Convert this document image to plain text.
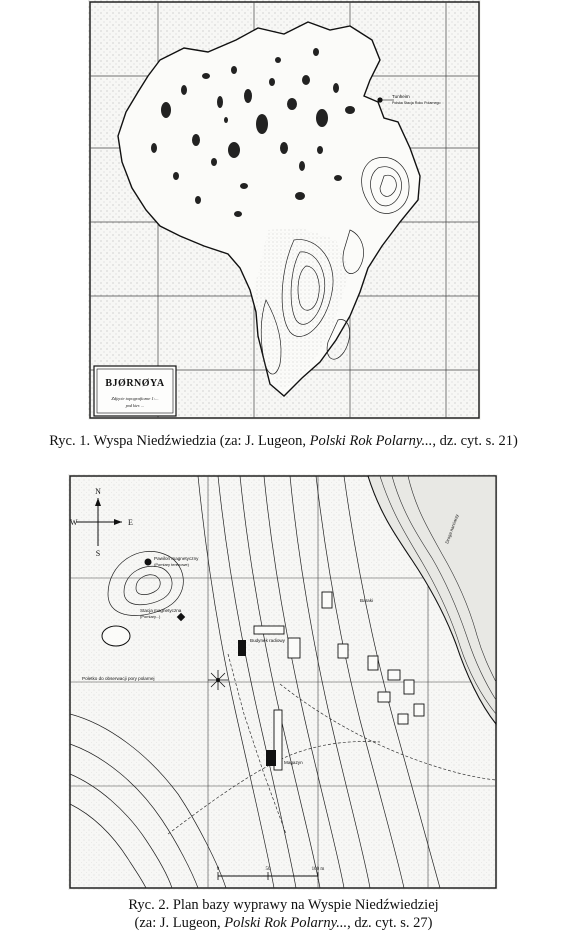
Tunheim
Polska Stacja Roku Polarnego
BJØRNØYA
Zdjęcie topograficzne 1:...
pod kier. ...
Ryc. 1. Wyspa Niedźwiedzia (za: J. Lugeon, Polski Rok Polarny..., dz. cyt. s. 21)
N
S
E
W
Pawilon magnetyczny
(Pomiary terenowe)
Stacja magnetyczna
(Pomiary...)
Budynek radiowy
Poletko do obserwacji pory polarnej
Baraki
Magazyn
Droga narciarzy
0	50	100 m
Ryc. 2. Plan bazy wyprawy na Wyspie Niedźwiedziej
(za: J. Lugeon, Polski Rok Polarny..., dz. cyt. s. 27)
